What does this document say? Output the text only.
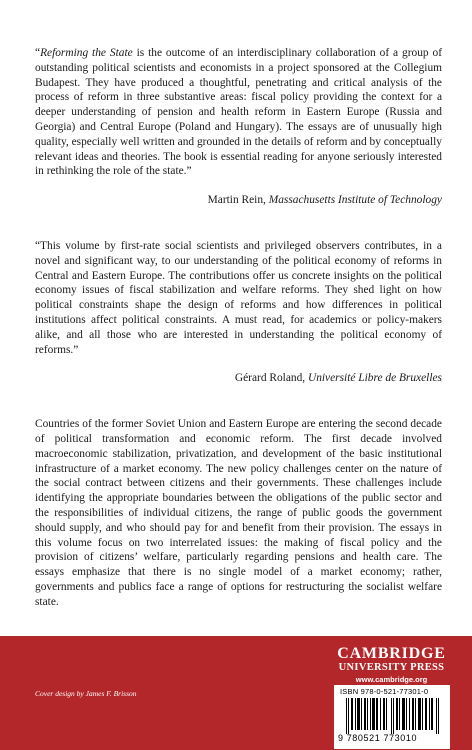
“Reforming the State is the outcome of an interdisciplinary collaboration of a group of outstanding political scientists and economists in a project sponsored at the Collegium Budapest. They have produced a thoughtful, penetrating and critical analysis of the process of reform in three substantive areas: fiscal policy providing the context for a deeper understanding of pension and health reform in Eastern Europe (Russia and Georgia) and Central Europe (Poland and Hungary). The essays are of unusually high quality, especially well written and grounded in the details of reform and by conceptually relevant ideas and theories. The book is essential reading for anyone seriously interested in rethinking the role of the state.”

Martin Rein, Massachusetts Institute of Technology

“This volume by first-rate social scientists and privileged observers contributes, in a novel and significant way, to our understanding of the political economy of reforms in Central and Eastern Europe. The contributions offer us concrete insights on the political economy issues of fiscal stabilization and welfare reforms. They shed light on how political constraints shape the design of reforms and how differences in political institutions affect political constraints. A must read, for academics or policy-makers alike, and all those who are interested in understanding the political economy of reforms.”

Gérard Roland, Université Libre de Bruxelles

Countries of the former Soviet Union and Eastern Europe are entering the second decade of political transformation and economic reform. The first decade involved macroeconomic stabilization, privatization, and development of the basic institutional infrastructure of a market economy. The new policy challenges center on the nature of the social contract between citizens and their governments. These challenges include identifying the appropriate boundaries between the obligations of the public sector and the responsibilities of individual citizens, the range of public goods the government should supply, and who should pay for and benefit from their provision. The essays in this volume focus on two interrelated issues: the making of fiscal policy and the provision of citizens’ welfare, particularly regarding pensions and health care. The essays emphasize that there is no single model of a market economy; rather, governments and publics face a range of options for restructuring the socialist welfare state.

Cover design by James F. Brisson
CAMBRIDGE
UNIVERSITY PRESS
www.cambridge.org
ISBN 978-0-521-77301-0
9 780521 773010
